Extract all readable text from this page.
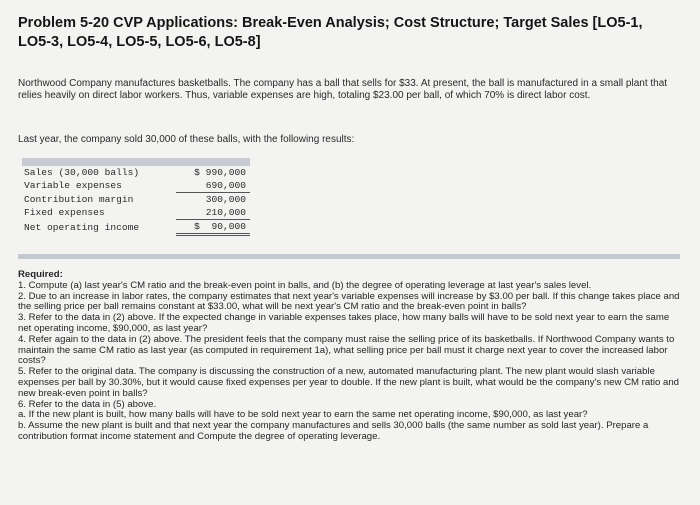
Problem 5-20 CVP Applications: Break-Even Analysis; Cost Structure; Target Sales [LO5-1, LO5-3, LO5-4, LO5-5, LO5-6, LO5-8]
Northwood Company manufactures basketballs. The company has a ball that sells for $33. At present, the ball is manufactured in a small plant that relies heavily on direct labor workers. Thus, variable expenses are high, totaling $23.00 per ball, of which 70% is direct labor cost.
Last year, the company sold 30,000 of these balls, with the following results:
Sales (30,000 balls)	$ 990,000
Variable expenses	690,000
Contribution margin	300,000
Fixed expenses	210,000
Net operating income	$  90,000
Required:

1. Compute (a) last year's CM ratio and the break-even point in balls, and (b) the degree of operating leverage at last year's sales level.

2. Due to an increase in labor rates, the company estimates that next year's variable expenses will increase by $3.00 per ball. If this change takes place and the selling price per ball remains constant at $33.00, what will be next year's CM ratio and the break-even point in balls?

3. Refer to the data in (2) above. If the expected change in variable expenses takes place, how many balls will have to be sold next year to earn the same net operating income, $90,000, as last year?

4. Refer again to the data in (2) above. The president feels that the company must raise the selling price of its basketballs. If Northwood Company wants to maintain the same CM ratio as last year (as computed in requirement 1a), what selling price per ball must it charge next year to cover the increased labor costs?

5. Refer to the original data. The company is discussing the construction of a new, automated manufacturing plant. The new plant would slash variable expenses per ball by 30.30%, but it would cause fixed expenses per year to double. If the new plant is built, what would be the company's new CM ratio and new break-even point in balls?

6. Refer to the data in (5) above.

a. If the new plant is built, how many balls will have to be sold next year to earn the same net operating income, $90,000, as last year?

b. Assume the new plant is built and that next year the company manufactures and sells 30,000 balls (the same number as sold last year). Prepare a contribution format income statement and Compute the degree of operating leverage.
